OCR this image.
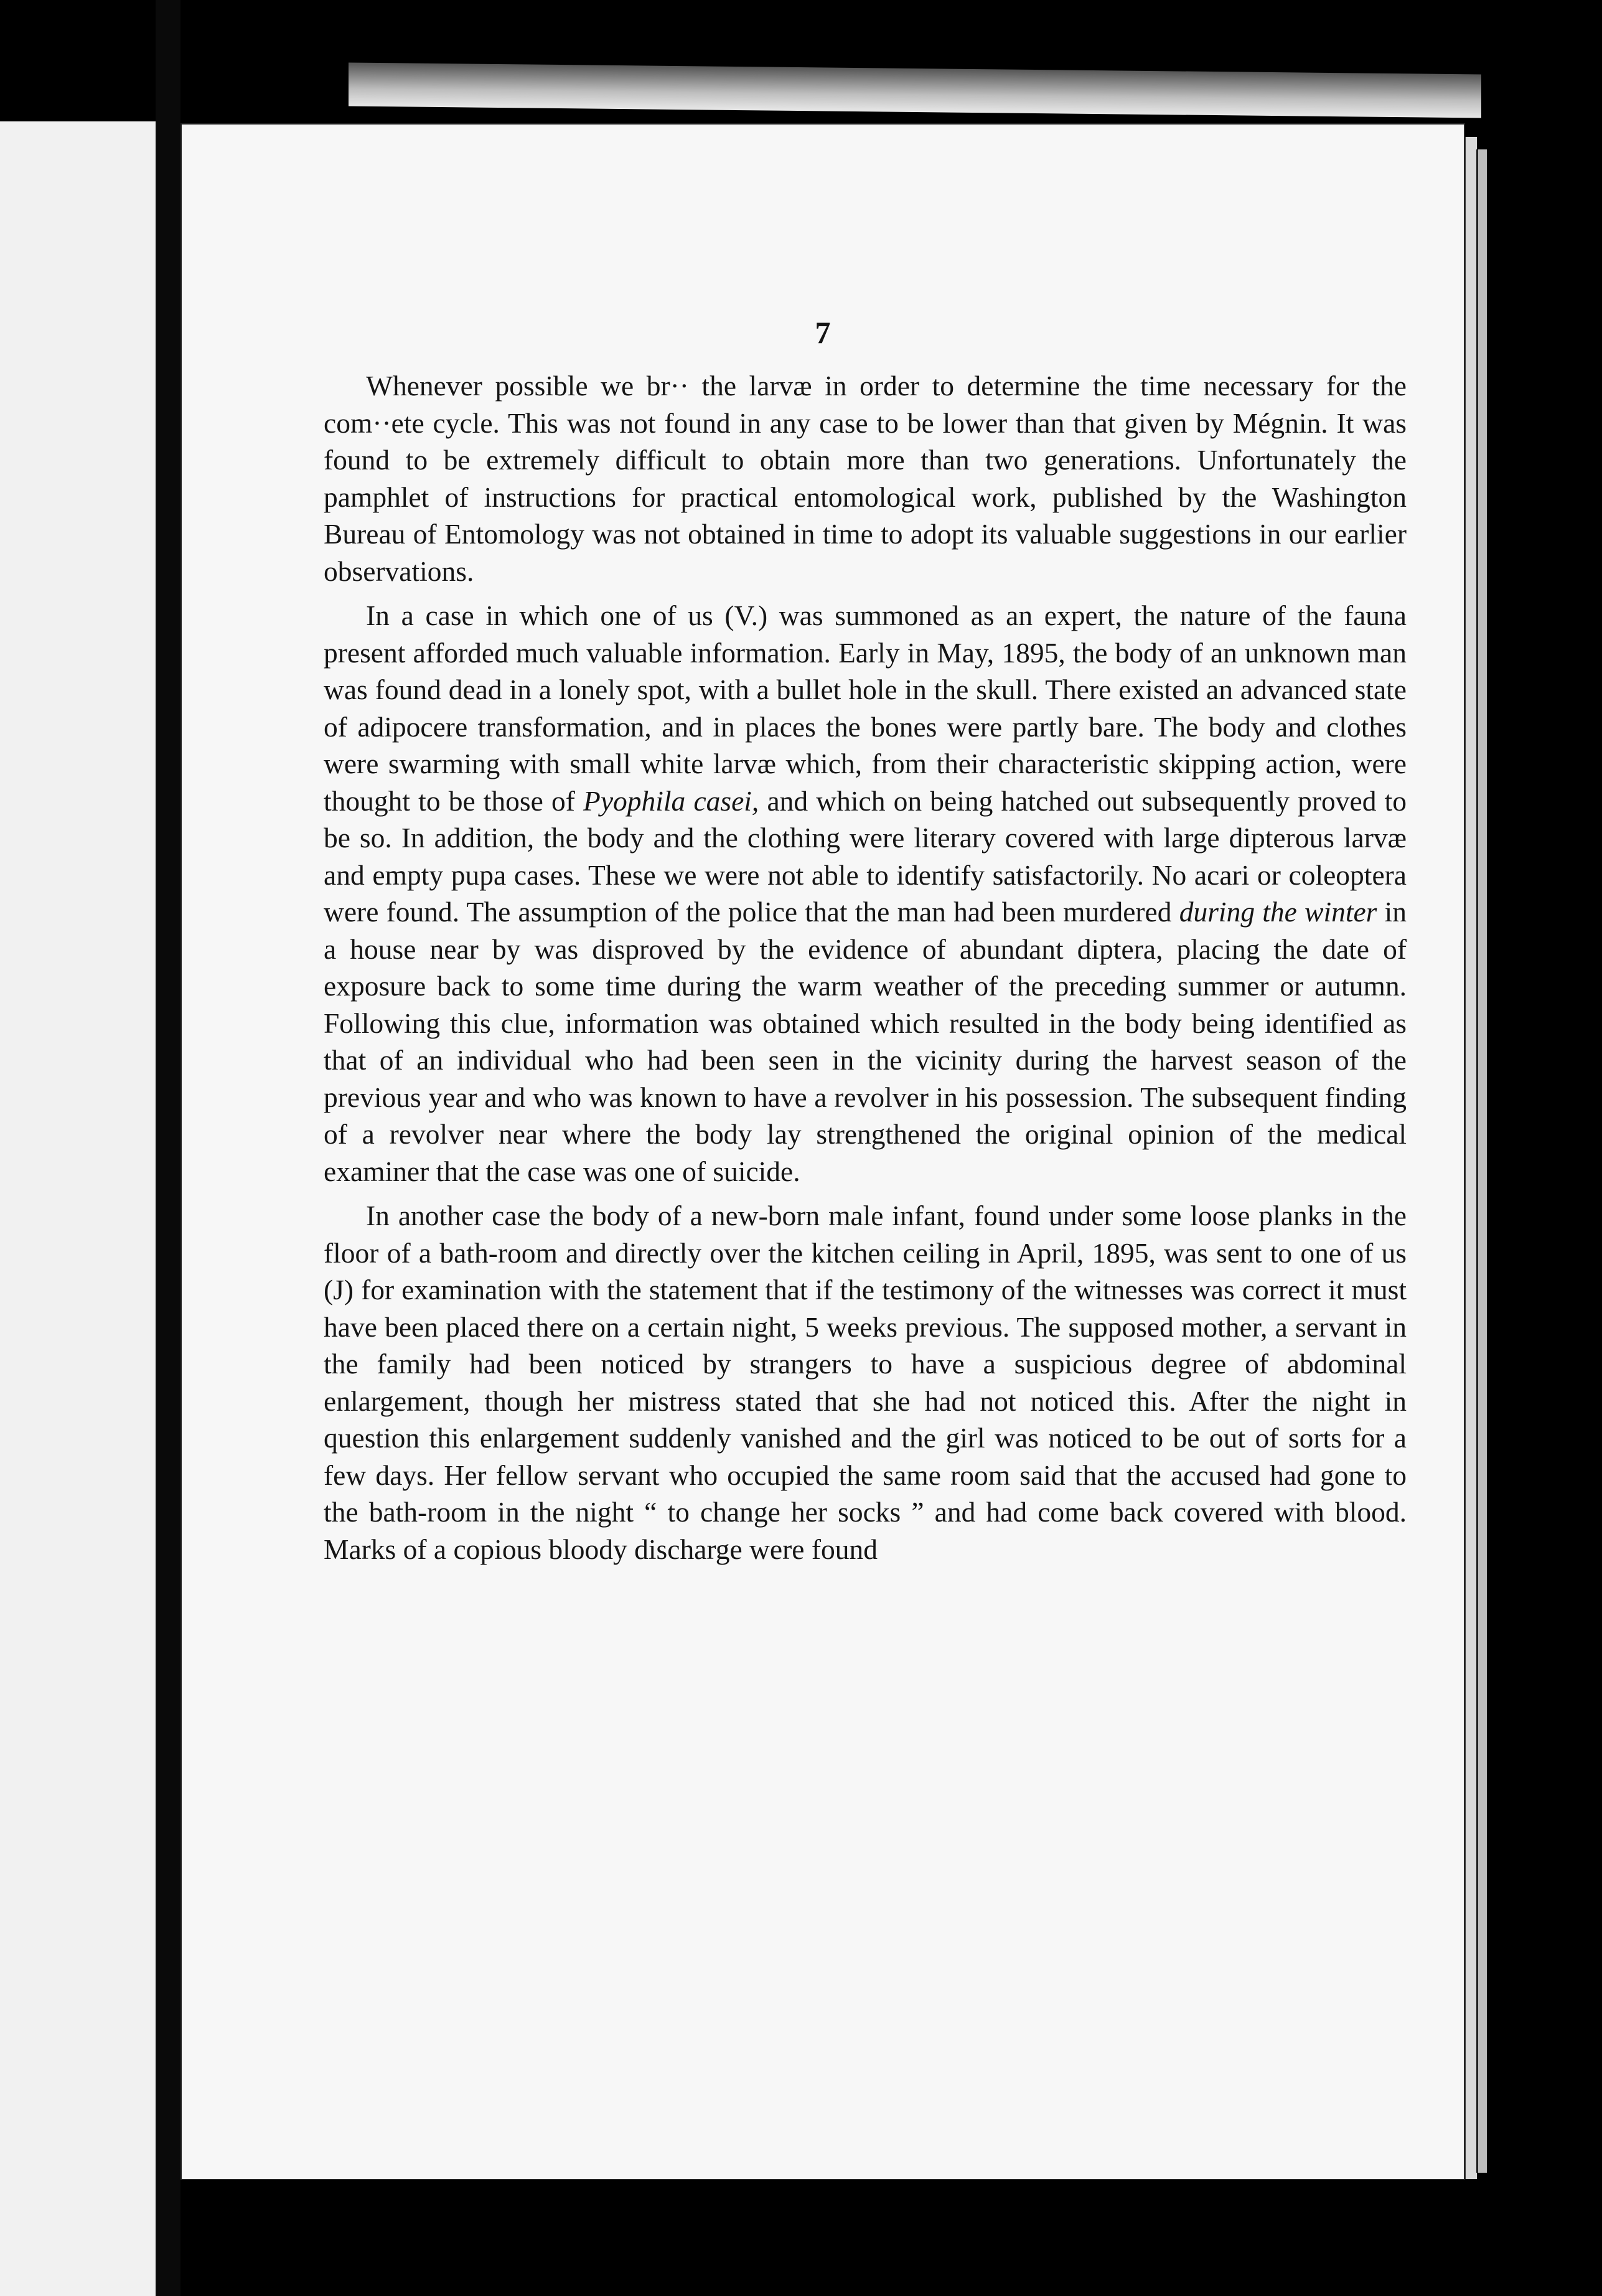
7

Whenever possible we br·· the larvæ in order to determine the time necessary for the com··ete cycle. This was not found in any case to be lower than that given by Mégnin. It was found to be extremely difficult to obtain more than two generations. Unfortunately the pamphlet of instructions for practical entomological work, published by the Washington Bureau of Entomology was not obtained in time to adopt its valuable suggestions in our earlier observations.

In a case in which one of us (V.) was summoned as an expert, the nature of the fauna present afforded much valuable information. Early in May, 1895, the body of an unknown man was found dead in a lonely spot, with a bullet hole in the skull. There existed an advanced state of adipocere transformation, and in places the bones were partly bare. The body and clothes were swarming with small white larvæ which, from their characteristic skipping action, were thought to be those of Pyophila casei, and which on being hatched out subsequently proved to be so. In addition, the body and the clothing were literary covered with large dipterous larvæ and empty pupa cases. These we were not able to identify satisfactorily. No acari or coleoptera were found. The assumption of the police that the man had been murdered during the winter in a house near by was disproved by the evidence of abundant diptera, placing the date of exposure back to some time during the warm weather of the preceding summer or autumn. Following this clue, information was obtained which resulted in the body being identified as that of an individual who had been seen in the vicinity during the harvest season of the previous year and who was known to have a revolver in his possession. The subsequent finding of a revolver near where the body lay strengthened the original opinion of the medical examiner that the case was one of suicide.

In another case the body of a new-born male infant, found under some loose planks in the floor of a bath-room and directly over the kitchen ceiling in April, 1895, was sent to one of us (J) for examination with the statement that if the testimony of the witnesses was correct it must have been placed there on a certain night, 5 weeks previous. The supposed mother, a servant in the family had been noticed by strangers to have a suspicious degree of abdominal enlargement, though her mistress stated that she had not noticed this. After the night in question this enlargement suddenly vanished and the girl was noticed to be out of sorts for a few days. Her fellow servant who occupied the same room said that the accused had gone to the bath-room in the night “ to change her socks ” and had come back covered with blood. Marks of a copious bloody discharge were found
